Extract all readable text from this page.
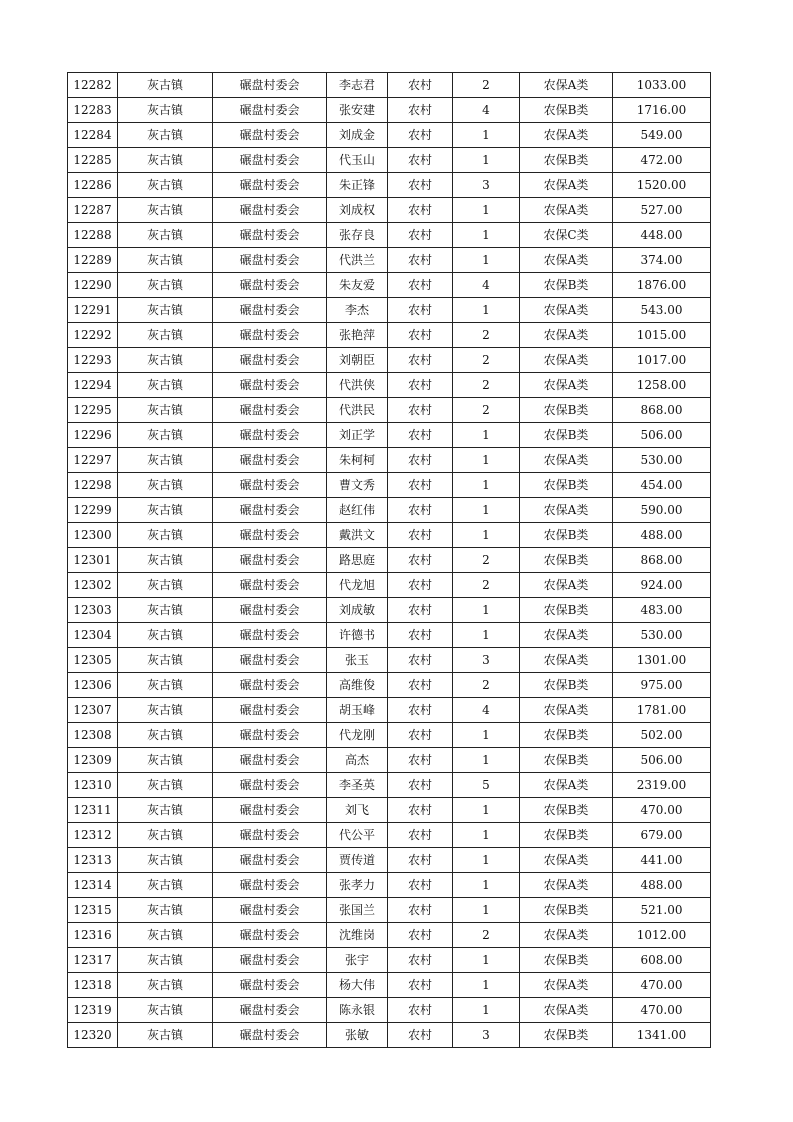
12282	灰古镇	碾盘村委会	李志君	农村	2	农保A类	1033.00
12283	灰古镇	碾盘村委会	张安建	农村	4	农保B类	1716.00
12284	灰古镇	碾盘村委会	刘成金	农村	1	农保A类	549.00
12285	灰古镇	碾盘村委会	代玉山	农村	1	农保B类	472.00
12286	灰古镇	碾盘村委会	朱正锋	农村	3	农保A类	1520.00
12287	灰古镇	碾盘村委会	刘成权	农村	1	农保A类	527.00
12288	灰古镇	碾盘村委会	张存良	农村	1	农保C类	448.00
12289	灰古镇	碾盘村委会	代洪兰	农村	1	农保A类	374.00
12290	灰古镇	碾盘村委会	朱友爱	农村	4	农保B类	1876.00
12291	灰古镇	碾盘村委会	李杰	农村	1	农保A类	543.00
12292	灰古镇	碾盘村委会	张艳萍	农村	2	农保A类	1015.00
12293	灰古镇	碾盘村委会	刘朝臣	农村	2	农保A类	1017.00
12294	灰古镇	碾盘村委会	代洪侠	农村	2	农保A类	1258.00
12295	灰古镇	碾盘村委会	代洪民	农村	2	农保B类	868.00
12296	灰古镇	碾盘村委会	刘正学	农村	1	农保B类	506.00
12297	灰古镇	碾盘村委会	朱柯柯	农村	1	农保A类	530.00
12298	灰古镇	碾盘村委会	曹文秀	农村	1	农保B类	454.00
12299	灰古镇	碾盘村委会	赵红伟	农村	1	农保A类	590.00
12300	灰古镇	碾盘村委会	戴洪文	农村	1	农保B类	488.00
12301	灰古镇	碾盘村委会	路思庭	农村	2	农保B类	868.00
12302	灰古镇	碾盘村委会	代龙旭	农村	2	农保A类	924.00
12303	灰古镇	碾盘村委会	刘成敏	农村	1	农保B类	483.00
12304	灰古镇	碾盘村委会	许德书	农村	1	农保A类	530.00
12305	灰古镇	碾盘村委会	张玉	农村	3	农保A类	1301.00
12306	灰古镇	碾盘村委会	高维俊	农村	2	农保B类	975.00
12307	灰古镇	碾盘村委会	胡玉峰	农村	4	农保A类	1781.00
12308	灰古镇	碾盘村委会	代龙刚	农村	1	农保B类	502.00
12309	灰古镇	碾盘村委会	高杰	农村	1	农保B类	506.00
12310	灰古镇	碾盘村委会	李圣英	农村	5	农保A类	2319.00
12311	灰古镇	碾盘村委会	刘飞	农村	1	农保B类	470.00
12312	灰古镇	碾盘村委会	代公平	农村	1	农保B类	679.00
12313	灰古镇	碾盘村委会	贾传道	农村	1	农保A类	441.00
12314	灰古镇	碾盘村委会	张孝力	农村	1	农保A类	488.00
12315	灰古镇	碾盘村委会	张国兰	农村	1	农保B类	521.00
12316	灰古镇	碾盘村委会	沈维岗	农村	2	农保A类	1012.00
12317	灰古镇	碾盘村委会	张宇	农村	1	农保B类	608.00
12318	灰古镇	碾盘村委会	杨大伟	农村	1	农保A类	470.00
12319	灰古镇	碾盘村委会	陈永银	农村	1	农保A类	470.00
12320	灰古镇	碾盘村委会	张敏	农村	3	农保B类	1341.00
